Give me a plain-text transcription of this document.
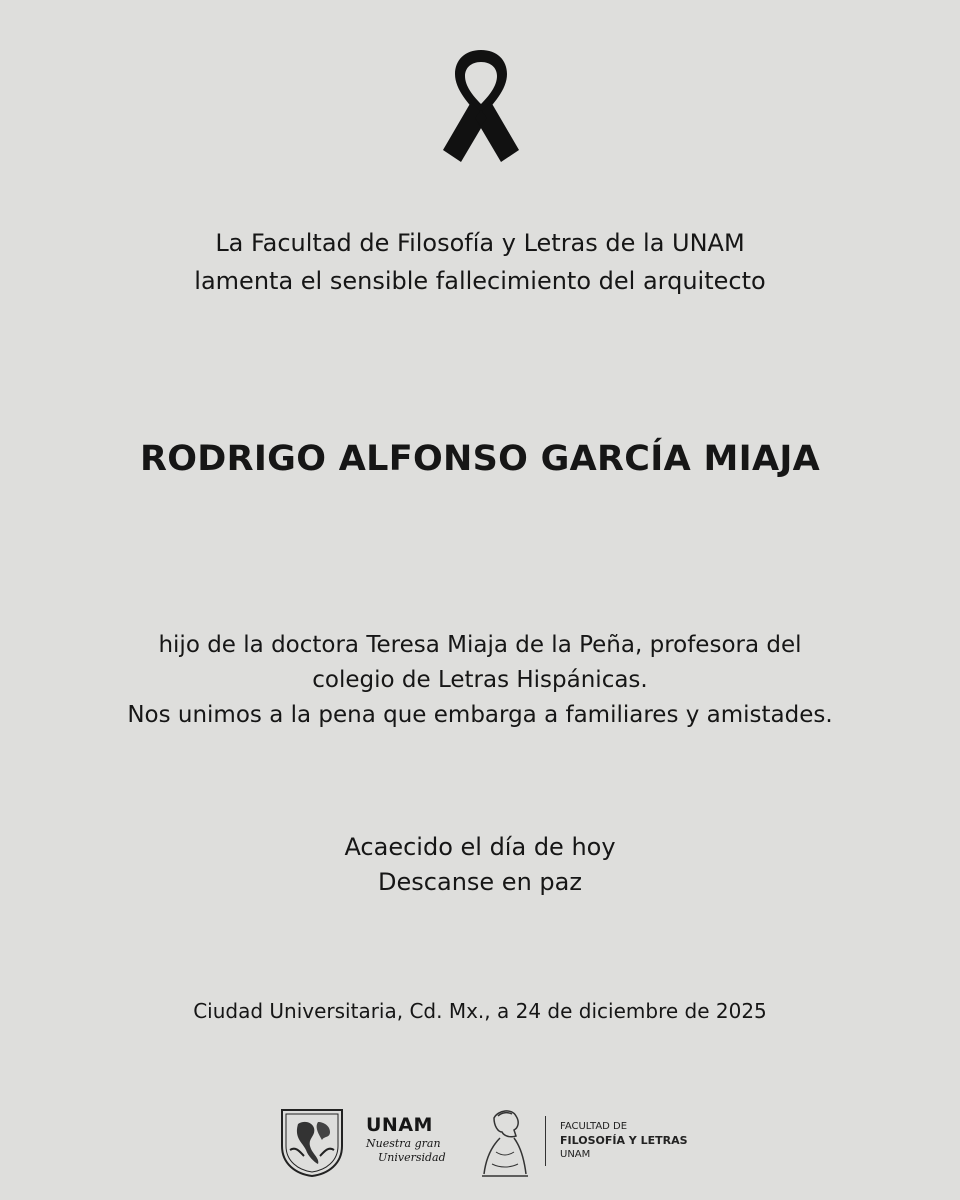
La Facultad de Filosofía y Letras de la UNAM
lamenta el sensible fallecimiento del arquitecto
RODRIGO ALFONSO GARCÍA MIAJA
hijo de la doctora Teresa Miaja de la Peña, profesora del
colegio de Letras Hispánicas.
Nos unimos a la pena que embarga a familiares y amistades.
Acaecido el día de hoy
Descanse en paz
Ciudad Universitaria, Cd. Mx., a 24 de diciembre de 2025
UNAM
Nuestra gran
Universidad
FACULTAD DE
FILOSOFÍA Y LETRAS
UNAM
